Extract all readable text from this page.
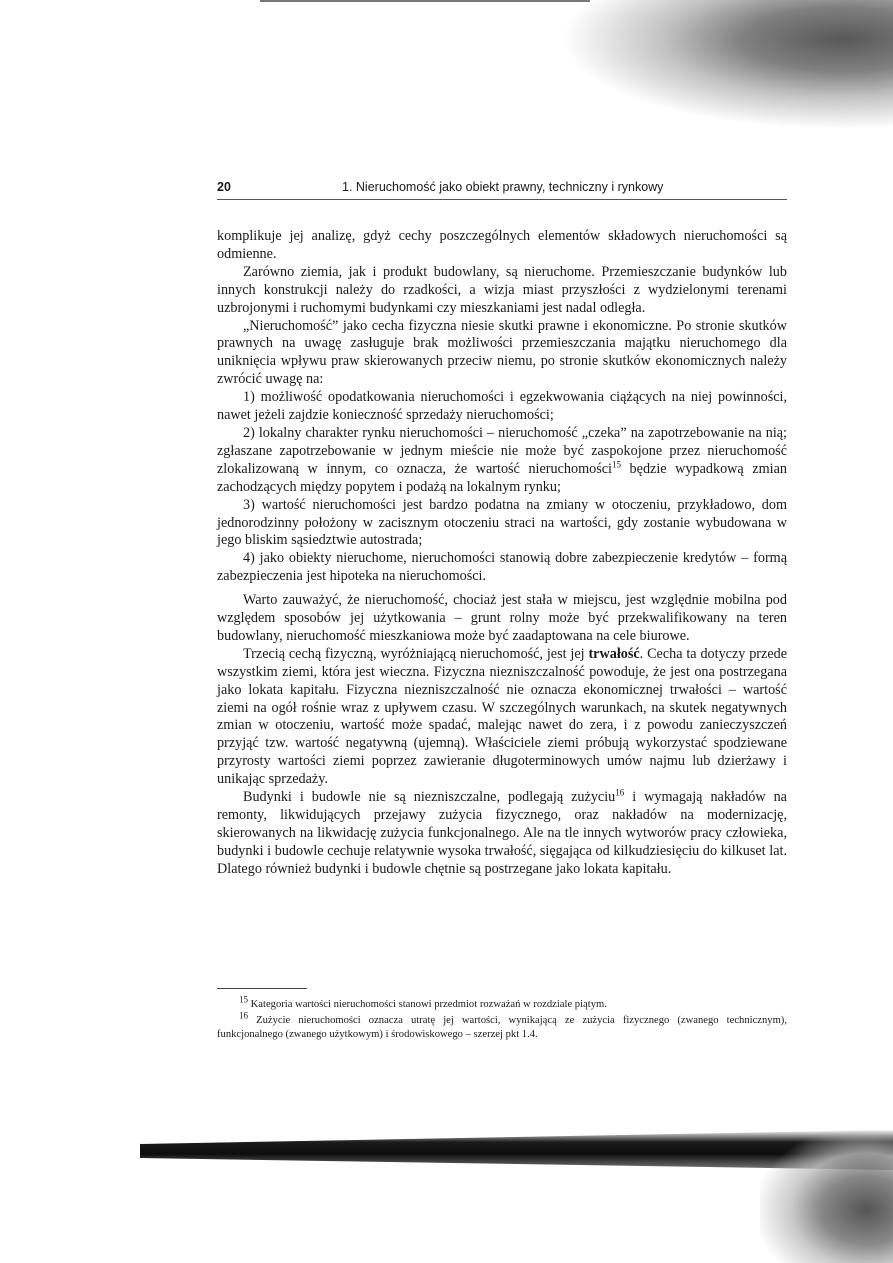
20	1. Nieruchomość jako obiekt prawny, techniczny i rynkowy

komplikuje jej analizę, gdyż cechy poszczególnych elementów składowych nieruchomości są odmienne.

Zarówno ziemia, jak i produkt budowlany, są nieruchome. Przemieszczanie budynków lub innych konstrukcji należy do rzadkości, a wizja miast przyszłości z wydzielonymi terenami uzbrojonymi i ruchomymi budynkami czy mieszkaniami jest nadal odległa.

„Nieruchomość” jako cecha fizyczna niesie skutki prawne i ekonomiczne. Po stronie skutków prawnych na uwagę zasługuje brak możliwości przemieszczania majątku nieruchomego dla uniknięcia wpływu praw skierowanych przeciw niemu, po stronie skutków ekonomicznych należy zwrócić uwagę na:

1) możliwość opodatkowania nieruchomości i egzekwowania ciążących na niej powinności, nawet jeżeli zajdzie konieczność sprzedaży nieruchomości;

2) lokalny charakter rynku nieruchomości – nieruchomość „czeka” na zapotrzebowanie na nią; zgłaszane zapotrzebowanie w jednym mieście nie może być zaspokojone przez nieruchomość zlokalizowaną w innym, co oznacza, że wartość nieruchomości$^{15}$ będzie wypadkową zmian zachodzących między popytem i podażą na lokalnym rynku;

3) wartość nieruchomości jest bardzo podatna na zmiany w otoczeniu, przykładowo, dom jednorodzinny położony w zacisznym otoczeniu straci na wartości, gdy zostanie wybudowana w jego bliskim sąsiedztwie autostrada;

4) jako obiekty nieruchome, nieruchomości stanowią dobre zabezpieczenie kredytów – formą zabezpieczenia jest hipoteka na nieruchomości.

Warto zauważyć, że nieruchomość, chociaż jest stała w miejscu, jest względnie mobilna pod względem sposobów jej użytkowania – grunt rolny może być przekwalifikowany na teren budowlany, nieruchomość mieszkaniowa może być zaadaptowana na cele biurowe.

Trzecią cechą fizyczną, wyróżniającą nieruchomość, jest jej trwałość. Cecha ta dotyczy przede wszystkim ziemi, która jest wieczna. Fizyczna niezniszczalność powoduje, że jest ona postrzegana jako lokata kapitału. Fizyczna niezniszczalność nie oznacza ekonomicznej trwałości – wartość ziemi na ogół rośnie wraz z upływem czasu. W szczególnych warunkach, na skutek negatywnych zmian w otoczeniu, wartość może spadać, malejąc nawet do zera, i z powodu zanieczyszczeń przyjąć tzw. wartość negatywną (ujemną). Właściciele ziemi próbują wykorzystać spodziewane przyrosty wartości ziemi poprzez zawieranie długoterminowych umów najmu lub dzierżawy i unikając sprzedaży.

Budynki i budowle nie są niezniszczalne, podlegają zużyciu$^{16}$ i wymagają nakładów na remonty, likwidujących przejawy zużycia fizycznego, oraz nakładów na modernizację, skierowanych na likwidację zużycia funkcjonalnego. Ale na tle innych wytworów pracy człowieka, budynki i budowle cechuje relatywnie wysoka trwałość, sięgająca od kilkudziesięciu do kilkuset lat. Dlatego również budynki i budowle chętnie są postrzegane jako lokata kapitału.

$^{15}$ Kategoria wartości nieruchomości stanowi przedmiot rozważań w rozdziale piątym.

$^{16}$ Zużycie nieruchomości oznacza utratę jej wartości, wynikającą ze zużycia fizycznego (zwanego technicznym), funkcjonalnego (zwanego użytkowym) i środowiskowego – szerzej pkt 1.4.
